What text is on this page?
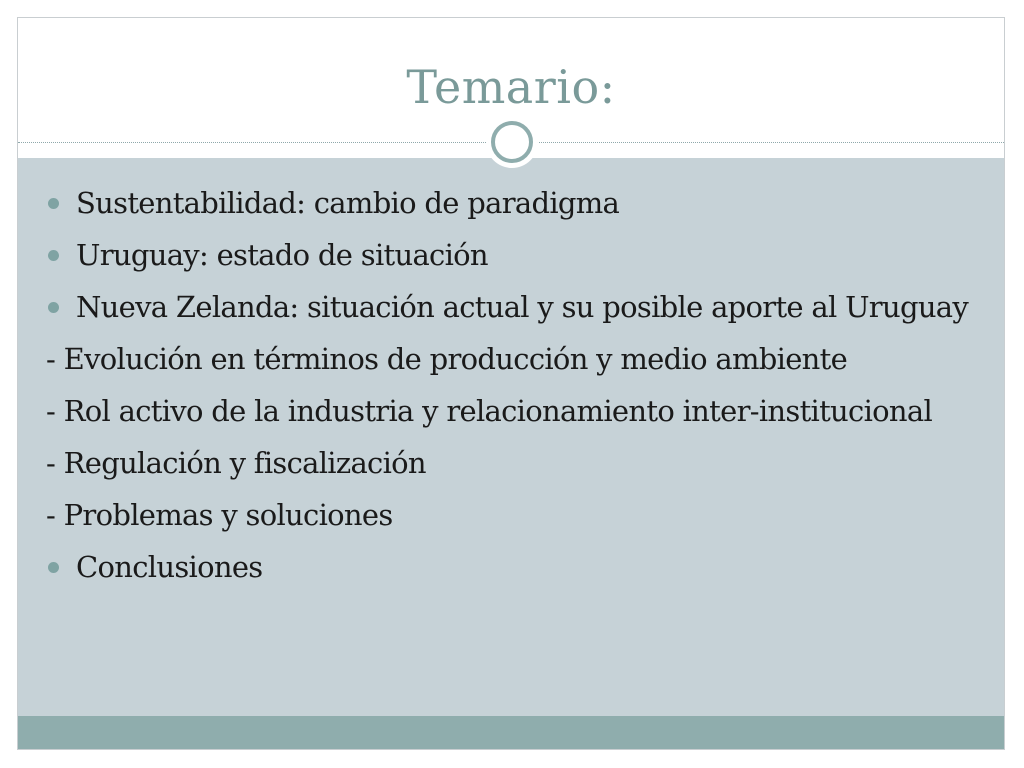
Temario:
Sustentabilidad: cambio de paradigma
Uruguay: estado de situación
Nueva Zelanda: situación actual y su posible aporte al Uruguay
- Evolución en términos de producción y medio ambiente
- Rol activo de la industria y relacionamiento inter-institucional
- Regulación y fiscalización
- Problemas y soluciones
Conclusiones
